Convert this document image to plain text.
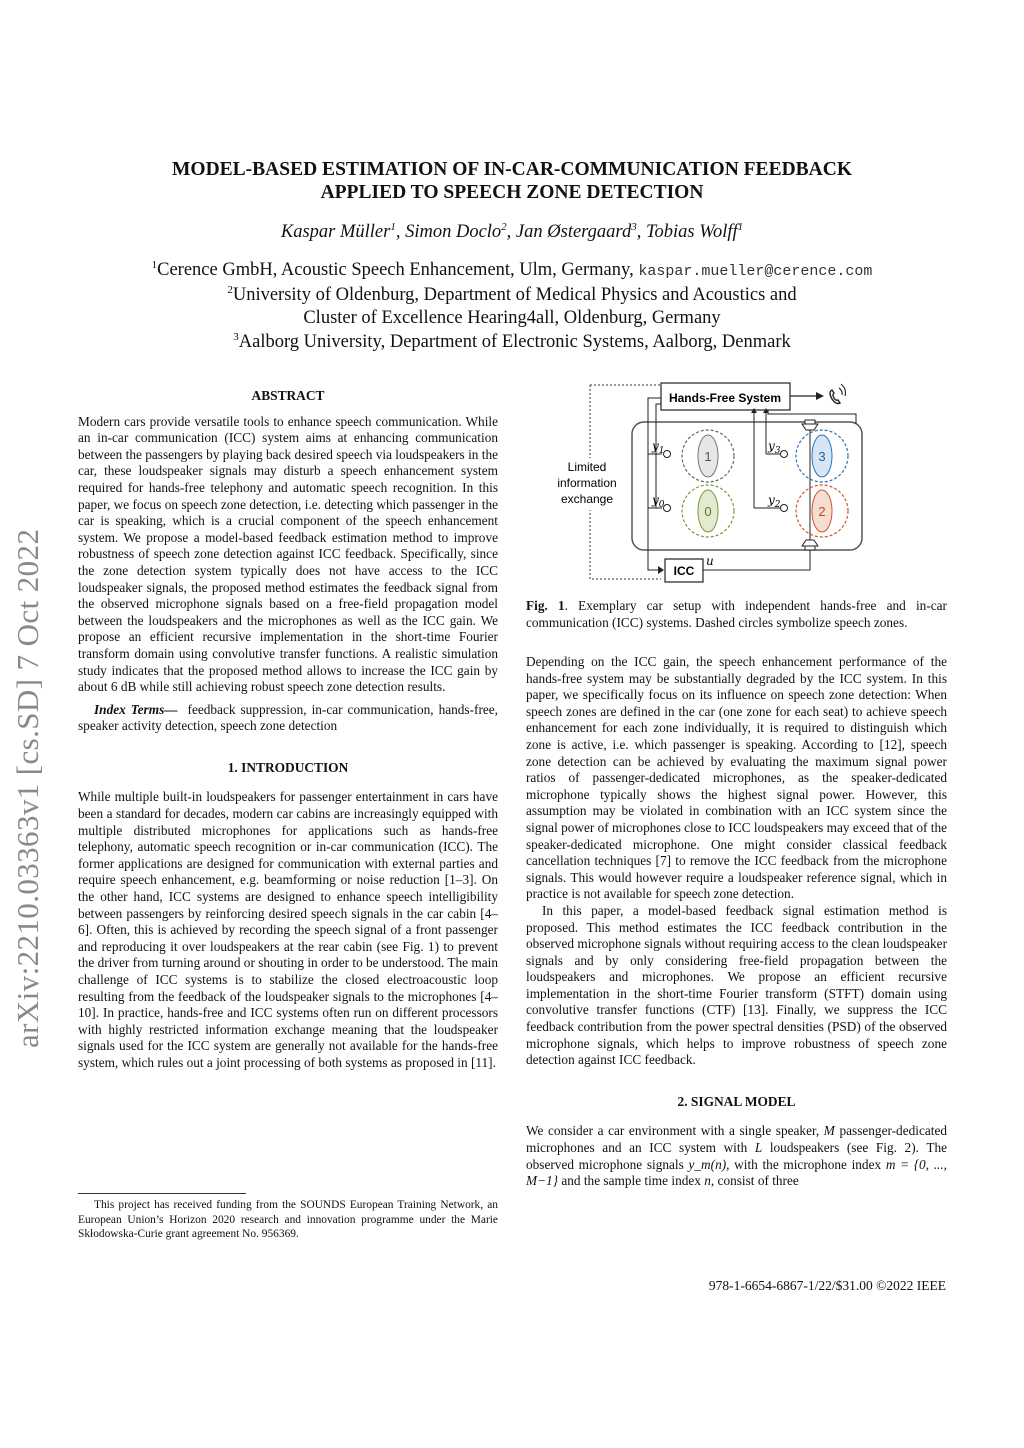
arXiv:2210.03363v1 [cs.SD] 7 Oct 2022
MODEL-BASED ESTIMATION OF IN-CAR-COMMUNICATION FEEDBACK
APPLIED TO SPEECH ZONE DETECTION
Kaspar Müller$^1$, Simon Doclo$^2$, Jan Østergaard$^3$, Tobias Wolff$^1$
$^1$Cerence GmbH, Acoustic Speech Enhancement, Ulm, Germany, kaspar.mueller@cerence.com
$^2$University of Oldenburg, Department of Medical Physics and Acoustics and
Cluster of Excellence Hearing4all, Oldenburg, Germany
$^3$Aalborg University, Department of Electronic Systems, Aalborg, Denmark
ABSTRACT

Modern cars provide versatile tools to enhance speech communication. While an in-car communication (ICC) system aims at enhancing communication between the passengers by playing back desired speech via loudspeakers in the car, these loudspeaker signals may disturb a speech enhancement system required for hands-free telephony and automatic speech recognition. In this paper, we focus on speech zone detection, i.e. detecting which passenger in the car is speaking, which is a crucial component of the speech enhancement system. We propose a model-based feedback estimation method to improve robustness of speech zone detection against ICC feedback. Specifically, since the zone detection system typically does not have access to the ICC loudspeaker signals, the proposed method estimates the feedback signal from the observed microphone signals based on a free-field propagation model between the loudspeakers and the microphones as well as the ICC gain. We propose an efficient recursive implementation in the short-time Fourier transform domain using convolutive transfer functions. A realistic simulation study indicates that the proposed method allows to increase the ICC gain by about 6 dB while still achieving robust speech zone detection results.

Index Terms— feedback suppression, in-car communication, hands-free, speaker activity detection, speech zone detection

1. INTRODUCTION

While multiple built-in loudspeakers for passenger entertainment in cars have been a standard for decades, modern car cabins are increasingly equipped with multiple distributed microphones for applications such as hands-free telephony, automatic speech recognition or in-car communication (ICC). The former applications are designed for communication with external parties and require speech enhancement, e.g. beamforming or noise reduction [1–3]. On the other hand, ICC systems are designed to enhance speech intelligibility between passengers by reinforcing desired speech signals in the car cabin [4–6]. Often, this is achieved by recording the speech signal of a front passenger and reproducing it over loudspeakers at the rear cabin (see Fig. 1) to prevent the driver from turning around or shouting in order to be understood. The main challenge of ICC systems is to stabilize the closed electroacoustic loop resulting from the feedback of the loudspeaker signals to the microphones [4–10]. In practice, hands-free and ICC systems often run on different processors with highly restricted information exchange meaning that the loudspeaker signals used for the ICC system are generally not available for the hands-free system, which rules out a joint processing of both systems as proposed in [11].

This project has received funding from the SOUNDS European Training Network, an European Union’s Horizon 2020 research and innovation programme under the Marie Skłodowska-Curie grant agreement No. 956369.
Hands-Free System
ICC
u
1
0
3
2
$y_1$
$y_0$
$y_3$
$y_2$
Limited
information
exchange
Fig. 1. Exemplary car setup with independent hands-free and in-car communication (ICC) systems. Dashed circles symbolize speech zones.

Depending on the ICC gain, the speech enhancement performance of the hands-free system may be substantially degraded by the ICC system. In this paper, we specifically focus on its influence on speech zone detection: When speech zones are defined in the car (one zone for each seat) to achieve speech enhancement for each zone individually, it is required to distinguish which zone is active, i.e. which passenger is speaking. According to [12], speech zone detection can be achieved by evaluating the maximum signal power ratios of passenger-dedicated microphones, as the speaker-dedicated microphone typically shows the highest signal power. However, this assumption may be violated in combination with an ICC system since the signal power of microphones close to ICC loudspeakers may exceed that of the speaker-dedicated microphone. One might consider classical feedback cancellation techniques [7] to remove the ICC feedback from the microphone signals. This would however require a loudspeaker reference signal, which in practice is not available for speech zone detection.

In this paper, a model-based feedback signal estimation method is proposed. This method estimates the ICC feedback contribution in the observed microphone signals without requiring access to the clean loudspeaker signals and by only considering free-field propagation between the loudspeakers and microphones. We propose an efficient recursive implementation in the short-time Fourier transform (STFT) domain using convolutive transfer functions (CTF) [13]. Finally, we suppress the ICC feedback contribution from the power spectral densities (PSD) of the observed microphone signals, which helps to improve robustness of speech zone detection against ICC feedback.

2. SIGNAL MODEL

We consider a car environment with a single speaker, M passenger-dedicated microphones and an ICC system with L loudspeakers (see Fig. 2). The observed microphone signals y_m(n), with the microphone index m = {0, ..., M−1} and the sample time index n, consist of three

978-1-6654-6867-1/22/$31.00 ©2022 IEEE
